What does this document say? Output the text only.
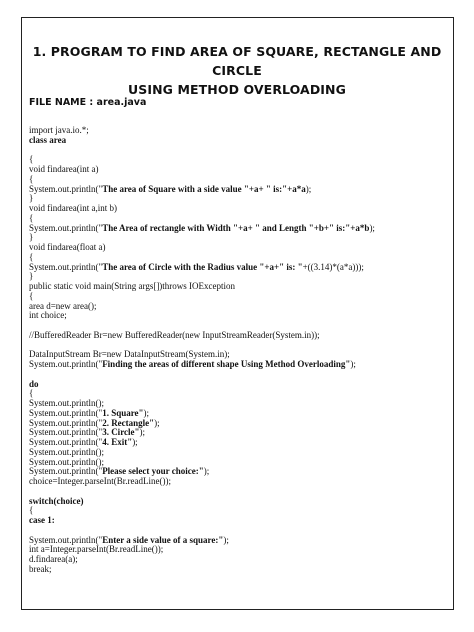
1. PROGRAM TO FIND AREA OF SQUARE, RECTANGLE AND CIRCLE
USING METHOD OVERLOADING
FILE NAME : area.java
import java.io.*;
class area
{
void findarea(int a)
{
System.out.println("The area of Square with a side value "+a+ " is:"+a*a);
}
void findarea(int a,int b)
{
System.out.println("The Area of rectangle with Width "+a+ " and Length "+b+" is:"+a*b);
}
void findarea(float a)
{
System.out.println("The area of Circle with the Radius value "+a+" is: "+((3.14)*(a*a)));
}
public static void main(String args[])throws IOException
{
area d=new area();
int choice;
//BufferedReader Br=new BufferedReader(new InputStreamReader(System.in));
DataInputStream Br=new DataInputStream(System.in);
System.out.println("Finding the areas of different shape Using Method Overloading");
do
{
System.out.println();
System.out.println("1. Square");
System.out.println("2. Rectangle");
System.out.println("3. Circle");
System.out.println("4. Exit");
System.out.println();
System.out.println();
System.out.println("Please select your choice:");
choice=Integer.parseInt(Br.readLine());
switch(choice)
{
case 1:
System.out.println("Enter a side value of a square:");
int a=Integer.parseInt(Br.readLine());
d.findarea(a);
break;
